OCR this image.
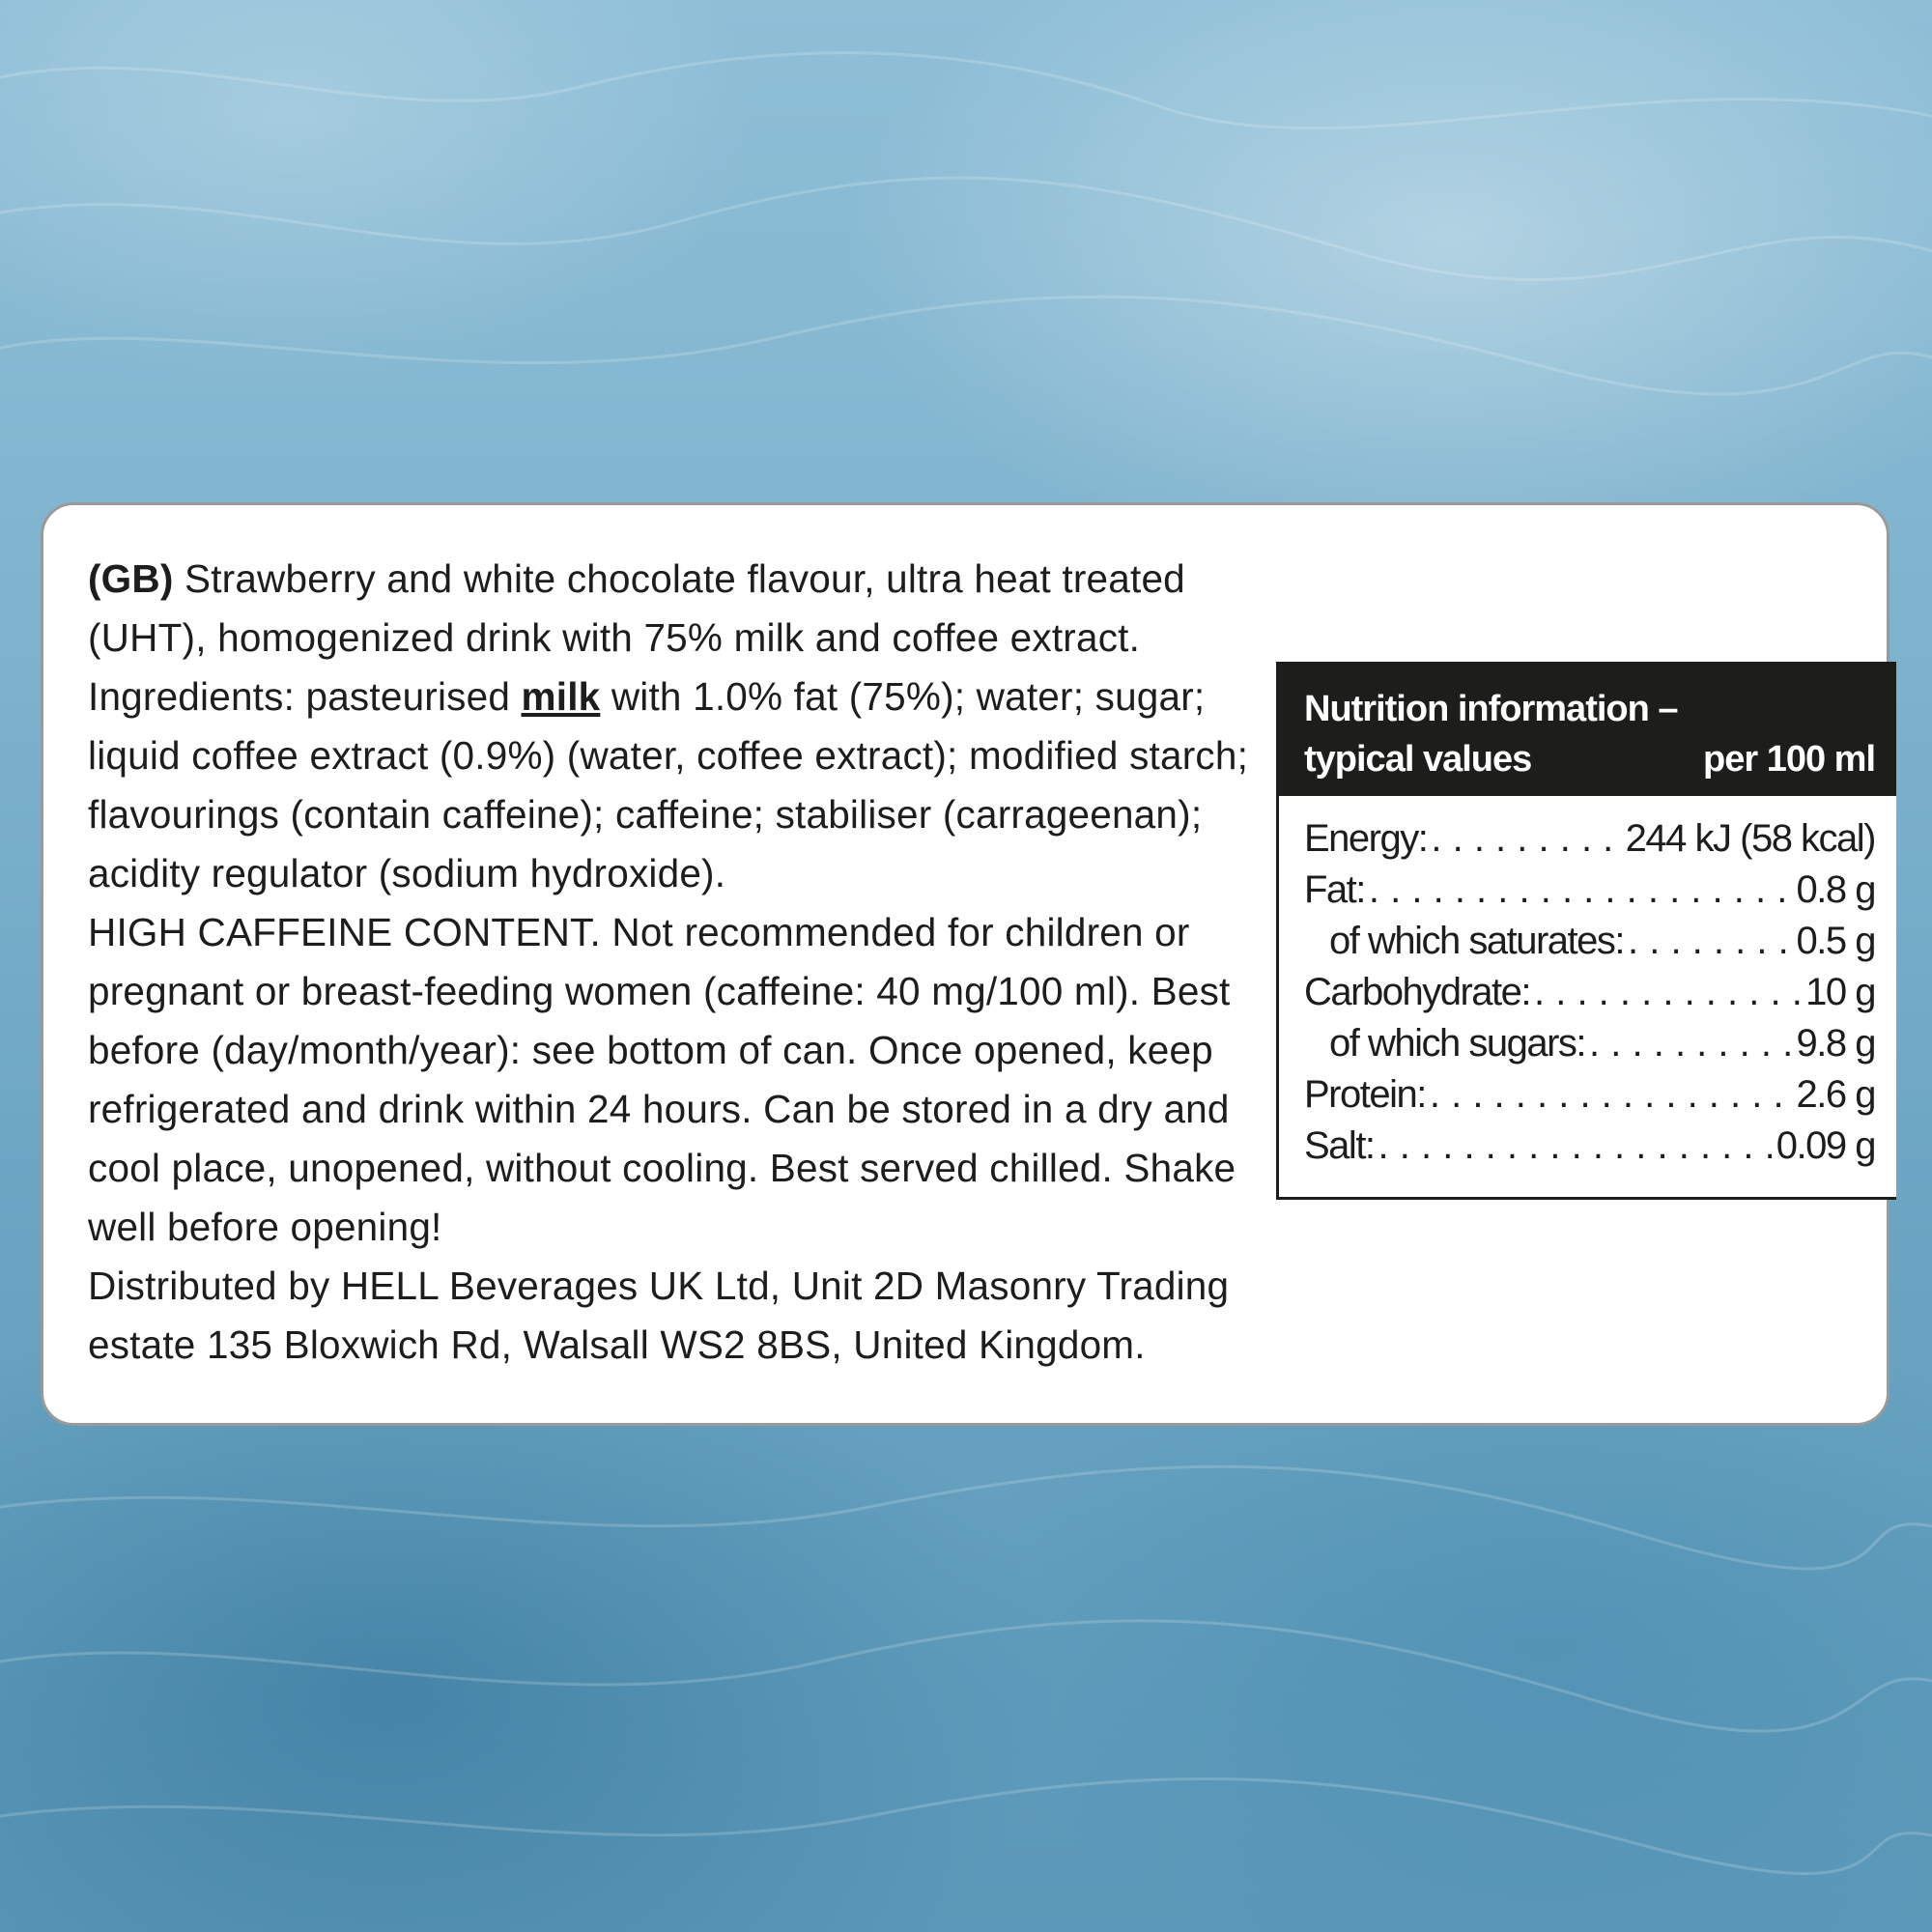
(GB) Strawberry and white chocolate flavour, ultra heat treated
(UHT), homogenized drink with 75% milk and coffee extract.
Ingredients: pasteurised milk with 1.0% fat (75%); water; sugar;
liquid coffee extract (0.9%) (water, coffee extract); modified starch;
flavourings (contain caffeine); caffeine; stabiliser (carrageenan);
acidity regulator (sodium hydroxide).
HIGH CAFFEINE CONTENT. Not recommended for children or
pregnant or breast-feeding women (caffeine: 40 mg/100 ml). Best
before (day/month/year): see bottom of can. Once opened, keep
refrigerated and drink within 24 hours. Can be stored in a dry and
cool place, unopened, without cooling. Best served chilled. Shake
well before opening!
Distributed by HELL Beverages UK Ltd, Unit 2D Masonry Trading
estate 135 Bloxwich Rd, Walsall WS2 8BS, United Kingdom.

Nutrition information –
typical values	per 100 ml
Energy: . . .	244 kJ (58 kcal)
Fat: . . .	0.8 g
of which saturates: . . .	0.5 g
Carbohydrate: . . .	10 g
of which sugars: . . .	9.8 g
Protein: . . .	2.6 g
Salt: . . .	0.09 g
